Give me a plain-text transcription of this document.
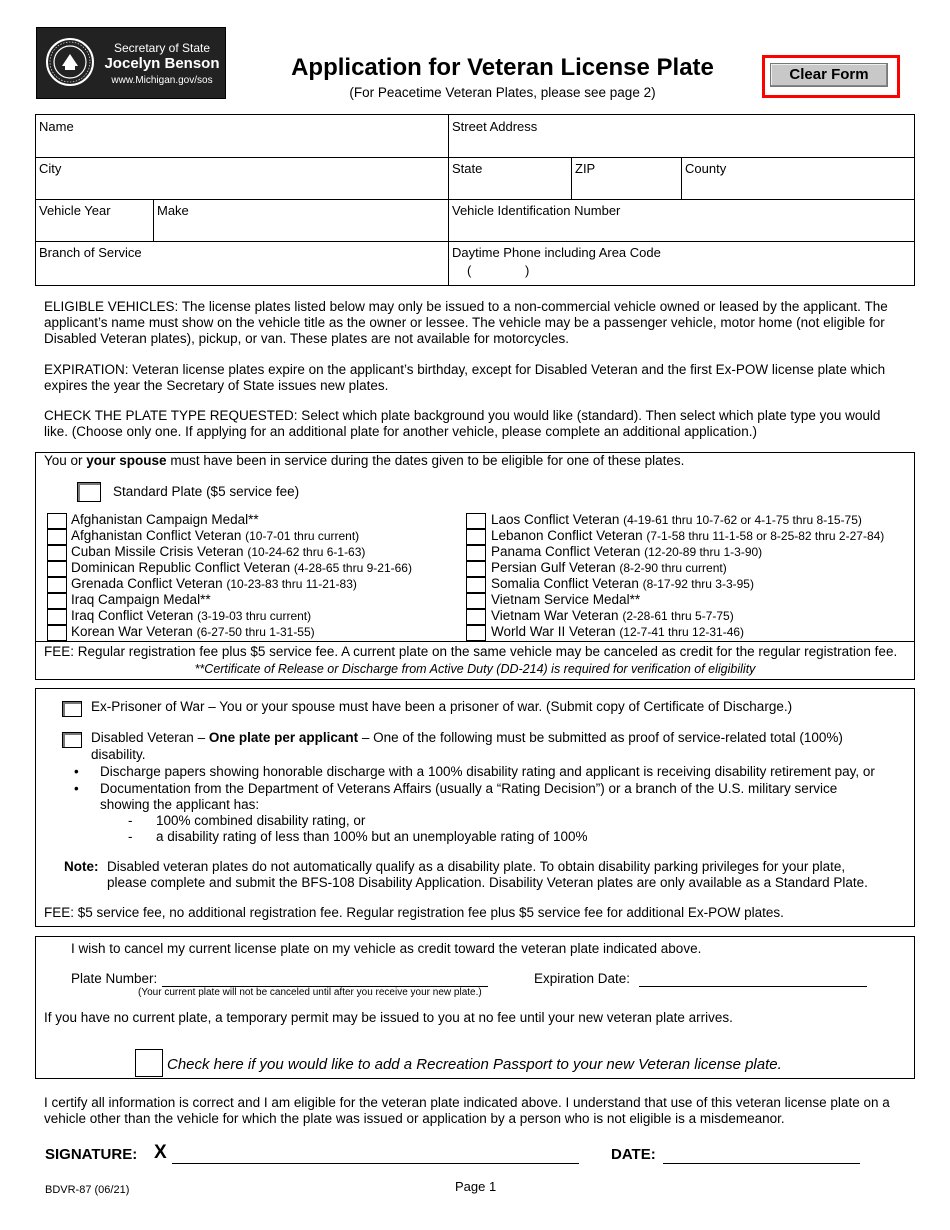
Secretary of State
Jocelyn Benson
www.Michigan.gov/sos	Application for Veteran License Plate
(For Peacetime Veteran Plates, please see page 2)
Clear Form
Name	Street Address
City	State	ZIP	County
Vehicle Year	Make	Vehicle Identification Number
Branch of Service	Daytime Phone including Area Code
(	)
ELIGIBLE VEHICLES: The license plates listed below may only be issued to a non-commercial vehicle owned or leased by the applicant. The applicant’s name must show on the vehicle title as the owner or lessee. The vehicle may be a passenger vehicle, motor home (not eligible for Disabled Veteran plates), pickup, or van. These plates are not available for motorcycles.
EXPIRATION: Veteran license plates expire on the applicant’s birthday, except for Disabled Veteran and the first Ex-POW license plate which expires the year the Secretary of State issues new plates.
CHECK THE PLATE TYPE REQUESTED: Select which plate background you would like (standard). Then select which plate type you would like. (Choose only one. If applying for an additional plate for another vehicle, please complete an additional application.)
You or your spouse must have been in service during the dates given to be eligible for one of these plates.
Standard Plate ($5 service fee)
Afghanistan Campaign Medal**
Afghanistan Conflict Veteran (10-7-01 thru current)
Cuban Missile Crisis Veteran (10-24-62 thru 6-1-63)
Dominican Republic Conflict Veteran (4-28-65 thru 9-21-66)
Grenada Conflict Veteran (10-23-83 thru 11-21-83)
Iraq Campaign Medal**
Iraq Conflict Veteran (3-19-03 thru current)
Korean War Veteran (6-27-50 thru 1-31-55)
Laos Conflict Veteran (4-19-61 thru 10-7-62 or 4-1-75 thru 8-15-75)
Lebanon Conflict Veteran (7-1-58 thru 11-1-58 or 8-25-82 thru 2-27-84)
Panama Conflict Veteran (12-20-89 thru 1-3-90)
Persian Gulf Veteran (8-2-90 thru current)
Somalia Conflict Veteran (8-17-92 thru 3-3-95)
Vietnam Service Medal**
Vietnam War Veteran (2-28-61 thru 5-7-75)
World War II Veteran (12-7-41 thru 12-31-46)
FEE: Regular registration fee plus $5 service fee. A current plate on the same vehicle may be canceled as credit for the regular registration fee.
**Certificate of Release or Discharge from Active Duty (DD-214) is required for verification of eligibility
Ex-Prisoner of War – You or your spouse must have been a prisoner of war. (Submit copy of Certificate of Discharge.)
Disabled Veteran – One plate per applicant – One of the following must be submitted as proof of service-related total (100%)
disability.
• Discharge papers showing honorable discharge with a 100% disability rating and applicant is receiving disability retirement pay, or
• Documentation from the Department of Veterans Affairs (usually a “Rating Decision”) or a branch of the U.S. military service
showing the applicant has:
- 100% combined disability rating, or
- a disability rating of less than 100% but an unemployable rating of 100%
Note: Disabled veteran plates do not automatically qualify as a disability plate. To obtain disability parking privileges for your plate,
please complete and submit the BFS-108 Disability Application. Disability Veteran plates are only available as a Standard Plate.
FEE: $5 service fee, no additional registration fee. Regular registration fee plus $5 service fee for additional Ex-POW plates.
I wish to cancel my current license plate on my vehicle as credit toward the veteran plate indicated above.
Plate Number:
(Your current plate will not be canceled until after you receive your new plate.)
Expiration Date:
If you have no current plate, a temporary permit may be issued to you at no fee until your new veteran plate arrives.
Check here if you would like to add a Recreation Passport to your new Veteran license plate.
I certify all information is correct and I am eligible for the veteran plate indicated above. I understand that use of this veteran license plate on a vehicle other than the vehicle for which the plate was issued or application by a person who is not eligible is a misdemeanor.
SIGNATURE: X	DATE:
BDVR-87 (06/21)	Page 1
